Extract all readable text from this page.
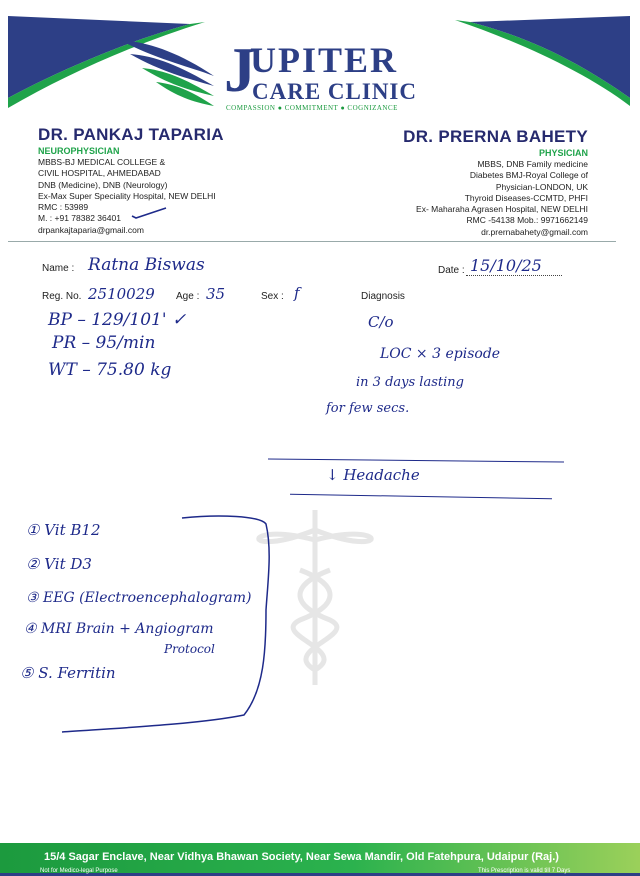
J
UPITER
CARE CLINIC
COMPASSION ● COMMITMENT ● COGNIZANCE
DR. PANKAJ TAPARIA
NEUROPHYSICIAN
MBBS-BJ MEDICAL COLLEGE &
CIVIL HOSPITAL, AHMEDABAD
DNB (Medicine), DNB (Neurology)
Ex-Max Super Speciality Hospital, NEW DELHI
RMC : 53989
M. : +91 78382 36401
drpankajtaparia@gmail.com
DR. PRERNA BAHETY
PHYSICIAN
MBBS, DNB Family medicine
Diabetes BMJ-Royal College of
Physician-LONDON, UK
Thyroid Diseases-CCMTD, PHFI
Ex- Maharaha Agrasen Hospital, NEW DELHI
RMC -54138 Mob.: 9971662149
dr.prernabahety@gmail.com
Name : Ratna Biswas	Date : 15/10/25
Reg. No. 2510029 Age : 35	Sex : f	Diagnosis
BP – 129/101' ✓
PR – 95/min
WT – 75.80 kg
C/o
LOC × 3 episode
in 3 days lasting
for few secs.
↓ Headache
① Vit B12
② Vit D3
③ EEG (Electroencephalogram)
④ MRI Brain + Angiogram
Protocol
⑤ S. Ferritin
15/4 Sagar Enclave, Near Vidhya Bhawan Society, Near Sewa Mandir, Old Fatehpura, Udaipur (Raj.)
Not for Medico-legal Purpose	This Prescription is valid till 7 Days
